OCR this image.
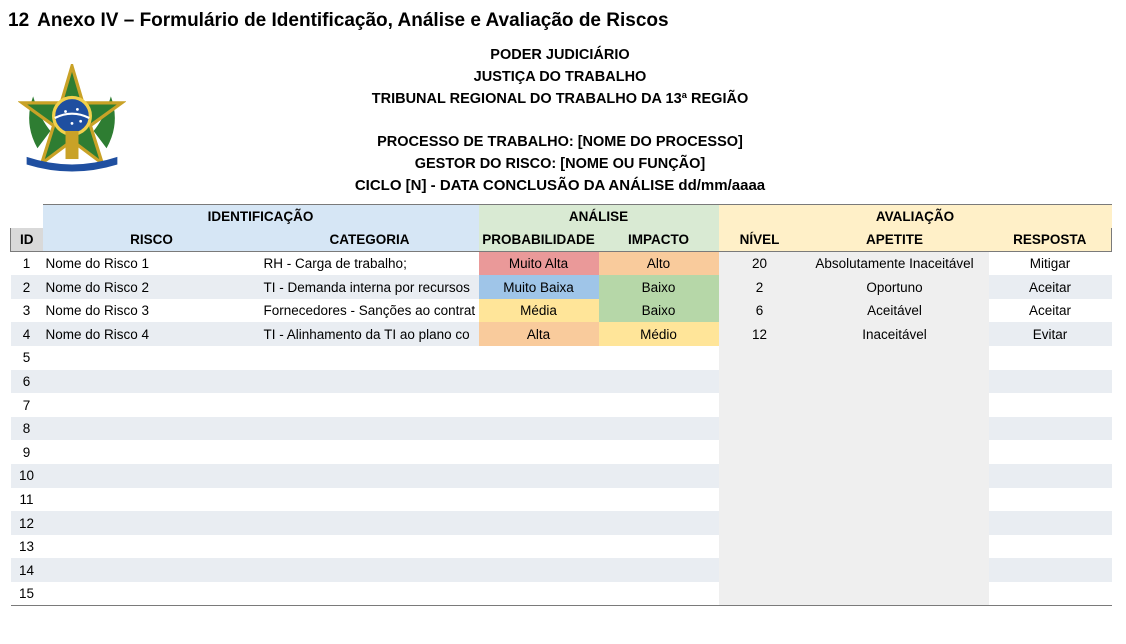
12 Anexo IV – Formulário de Identificação, Análise e Avaliação de Riscos
PODER JUDICIÁRIO
JUSTIÇA DO TRABALHO
TRIBUNAL REGIONAL DO TRABALHO DA 13ª REGIÃO
PROCESSO DE TRABALHO: [NOME DO PROCESSO]
GESTOR DO RISCO: [NOME OU FUNÇÃO]
CICLO [N] - DATA CONCLUSÃO DA ANÁLISE dd/mm/aaaa
	IDENTIFICAÇÃO		ANÁLISE		AVALIAÇÃO		
ID	RISCO	CATEGORIA	PROBABILIDADE	IMPACTO	NÍVEL	APETITE	RESPOSTA
1	Nome do Risco 1	RH - Carga de trabalho;	Muito Alta	Alto	20	Absolutamente Inaceitável	Mitigar
2	Nome do Risco 2	TI - Demanda interna por recursos	Muito Baixa	Baixo	2	Oportuno	Aceitar
3	Nome do Risco 3	Fornecedores - Sanções ao contrat	Média	Baixo	6	Aceitável	Aceitar
4	Nome do Risco 4	TI - Alinhamento da TI ao plano co	Alta	Médio	12	Inaceitável	Evitar
5							
6							
7							
8							
9							
10							
11							
12							
13							
14							
15							
